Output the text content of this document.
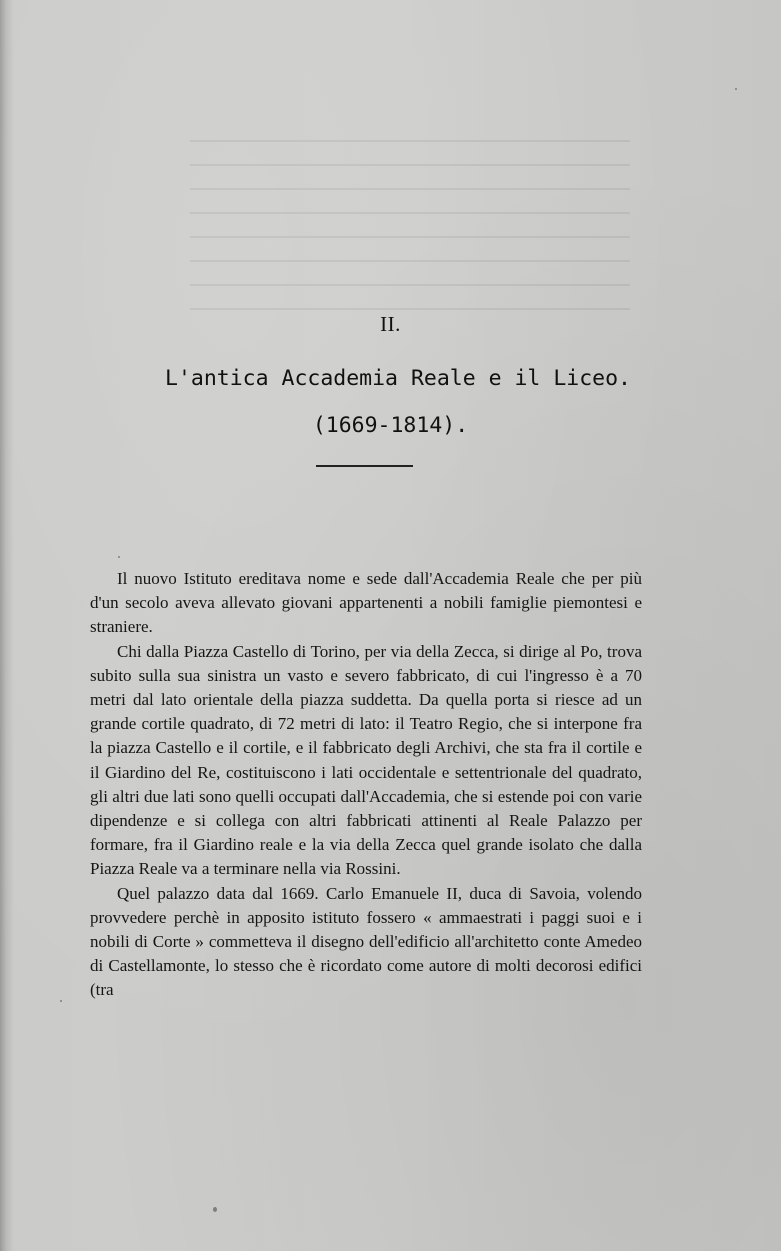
II.
L'antica Accademia Reale e il Liceo.
(1669-1814).

Il nuovo Istituto ereditava nome e sede dall'Accademia Reale che per più d'un secolo aveva allevato giovani appartenenti a nobili famiglie piemontesi e straniere.

Chi dalla Piazza Castello di Torino, per via della Zecca, si dirige al Po, trova subito sulla sua sinistra un vasto e severo fabbricato, di cui l'ingresso è a 70 metri dal lato orientale della piazza suddetta. Da quella porta si riesce ad un grande cortile quadrato, di 72 metri di lato: il Teatro Regio, che si interpone fra la piazza Castello e il cortile, e il fabbricato degli Archivi, che sta fra il cortile e il Giardino del Re, costituiscono i lati occidentale e settentrionale del quadrato, gli altri due lati sono quelli occupati dall'Accademia, che si estende poi con varie dipendenze e si collega con altri fabbricati attinenti al Reale Palazzo per formare, fra il Giardino reale e la via della Zecca quel grande isolato che dalla Piazza Reale va a terminare nella via Rossini.

Quel palazzo data dal 1669. Carlo Emanuele II, duca di Savoia, volendo provvedere perchè in apposito istituto fossero « ammaestrati i paggi suoi e i nobili di Corte » commetteva il disegno dell'edificio all'architetto conte Amedeo di Castellamonte, lo stesso che è ricordato come autore di molti decorosi edifici (tra
